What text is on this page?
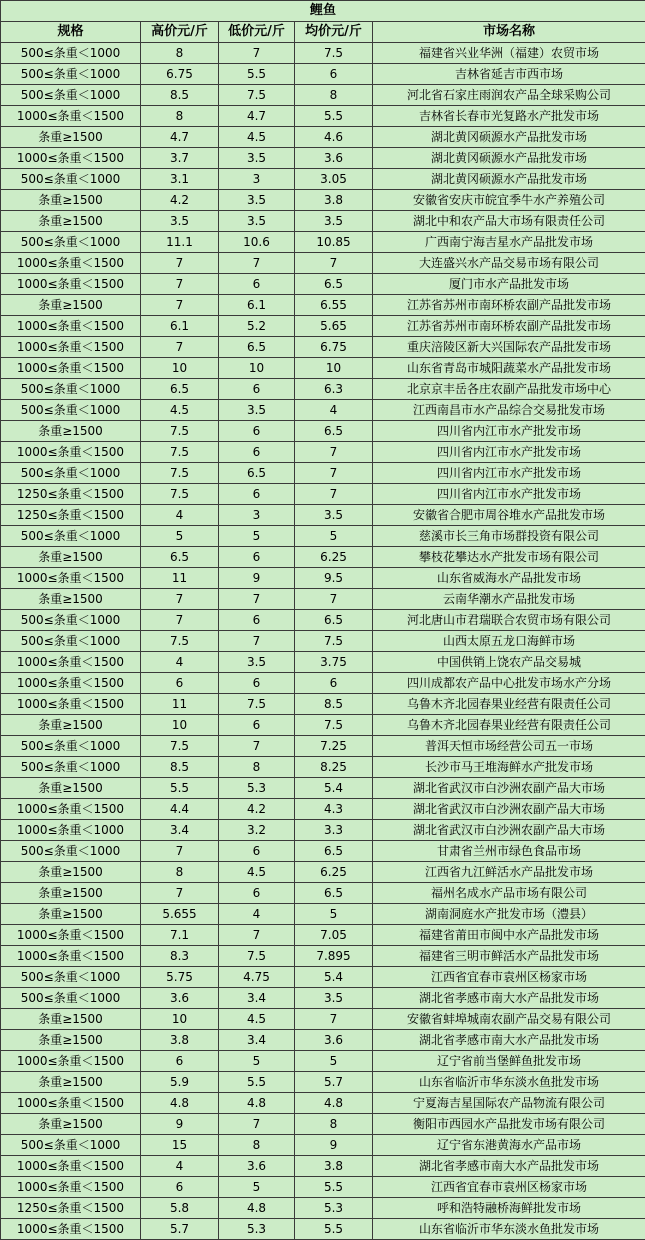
鲤鱼				
规格	高价元/斤	低价元/斤	均价元/斤	市场名称
500≤条重＜1000	8	7	7.5	福建省兴业华洲（福建）农贸市场
500≤条重＜1000	6.75	5.5	6	吉林省延吉市西市场
500≤条重＜1000	8.5	7.5	8	河北省石家庄雨润农产品全球采购公司
1000≤条重＜1500	8	4.7	5.5	吉林省长春市光复路水产批发市场
条重≥1500	4.7	4.5	4.6	湖北黄冈硕源水产品批发市场
1000≤条重＜1500	3.7	3.5	3.6	湖北黄冈硕源水产品批发市场
500≤条重＜1000	3.1	3	3.05	湖北黄冈硕源水产品批发市场
条重≥1500	4.2	3.5	3.8	安徽省安庆市皖宜季牛水产养殖公司
条重≥1500	3.5	3.5	3.5	湖北中和农产品大市场有限责任公司
500≤条重＜1000	11.1	10.6	10.85	广西南宁海吉星水产品批发市场
1000≤条重＜1500	7	7	7	大连盛兴水产品交易市场有限公司
1000≤条重＜1500	7	6	6.5	厦门市水产品批发市场
条重≥1500	7	6.1	6.55	江苏省苏州市南环桥农副产品批发市场
1000≤条重＜1500	6.1	5.2	5.65	江苏省苏州市南环桥农副产品批发市场
1000≤条重＜1500	7	6.5	6.75	重庆涪陵区新大兴国际农产品批发市场
1000≤条重＜1500	10	10	10	山东省青岛市城阳蔬菜水产品批发市场
500≤条重＜1000	6.5	6	6.3	北京京丰岳各庄农副产品批发市场中心
500≤条重＜1000	4.5	3.5	4	江西南昌市水产品综合交易批发市场
条重≥1500	7.5	6	6.5	四川省内江市水产批发市场
1000≤条重＜1500	7.5	6	7	四川省内江市水产批发市场
500≤条重＜1000	7.5	6.5	7	四川省内江市水产批发市场
1250≤条重＜1500	7.5	6	7	四川省内江市水产批发市场
1250≤条重＜1500	4	3	3.5	安徽省合肥市周谷堆水产品批发市场
500≤条重＜1000	5	5	5	慈溪市长三角市场群投资有限公司
条重≥1500	6.5	6	6.25	攀枝花攀达水产批发市场有限公司
1000≤条重＜1500	11	9	9.5	山东省威海水产品批发市场
条重≥1500	7	7	7	云南华潮水产品批发市场
500≤条重＜1000	7	6	6.5	河北唐山市君瑞联合农贸市场有限公司
500≤条重＜1000	7.5	7	7.5	山西太原五龙口海鲜市场
1000≤条重＜1500	4	3.5	3.75	中国供销上饶农产品交易城
1000≤条重＜1500	6	6	6	四川成都农产品中心批发市场水产分场
1000≤条重＜1500	11	7.5	8.5	乌鲁木齐北园春果业经营有限责任公司
条重≥1500	10	6	7.5	乌鲁木齐北园春果业经营有限责任公司
500≤条重＜1000	7.5	7	7.25	普洱天恒市场经营公司五一市场
500≤条重＜1000	8.5	8	8.25	长沙市马王堆海鲜水产批发市场
条重≥1500	5.5	5.3	5.4	湖北省武汉市白沙洲农副产品大市场
1000≤条重＜1500	4.4	4.2	4.3	湖北省武汉市白沙洲农副产品大市场
1000≤条重＜1000	3.4	3.2	3.3	湖北省武汉市白沙洲农副产品大市场
500≤条重＜1000	7	6	6.5	甘肃省兰州市绿色食品市场
条重≥1500	8	4.5	6.25	江西省九江鲜活水产品批发市场
条重≥1500	7	6	6.5	福州名成水产品市场有限公司
条重≥1500	5.655	4	5	湖南洞庭水产批发市场（澧县）
1000≤条重＜1500	7.1	7	7.05	福建省莆田市闽中水产品批发市场
1000≤条重＜1500	8.3	7.5	7.895	福建省三明市鲜活水产品批发市场
500≤条重＜1000	5.75	4.75	5.4	江西省宜春市袁州区杨家市场
500≤条重＜1000	3.6	3.4	3.5	湖北省孝感市南大水产品批发市场
条重≥1500	10	4.5	7	安徽省蚌埠城南农副产品交易有限公司
条重≥1500	3.8	3.4	3.6	湖北省孝感市南大水产品批发市场
1000≤条重＜1500	6	5	5	辽宁省前当堡鲜鱼批发市场
条重≥1500	5.9	5.5	5.7	山东省临沂市华东淡水鱼批发市场
1000≤条重＜1500	4.8	4.8	4.8	宁夏海吉星国际农产品物流有限公司
条重≥1500	9	7	8	衡阳市西园水产品批发市场有限公司
500≤条重＜1000	15	8	9	辽宁省东港黄海水产品市场
1000≤条重＜1500	4	3.6	3.8	湖北省孝感市南大水产品批发市场
1000≤条重＜1500	6	5	5.5	江西省宜春市袁州区杨家市场
1250≤条重＜1500	5.8	4.8	5.3	呼和浩特融桥海鲜批发市场
1000≤条重＜1500	5.7	5.3	5.5	山东省临沂市华东淡水鱼批发市场
